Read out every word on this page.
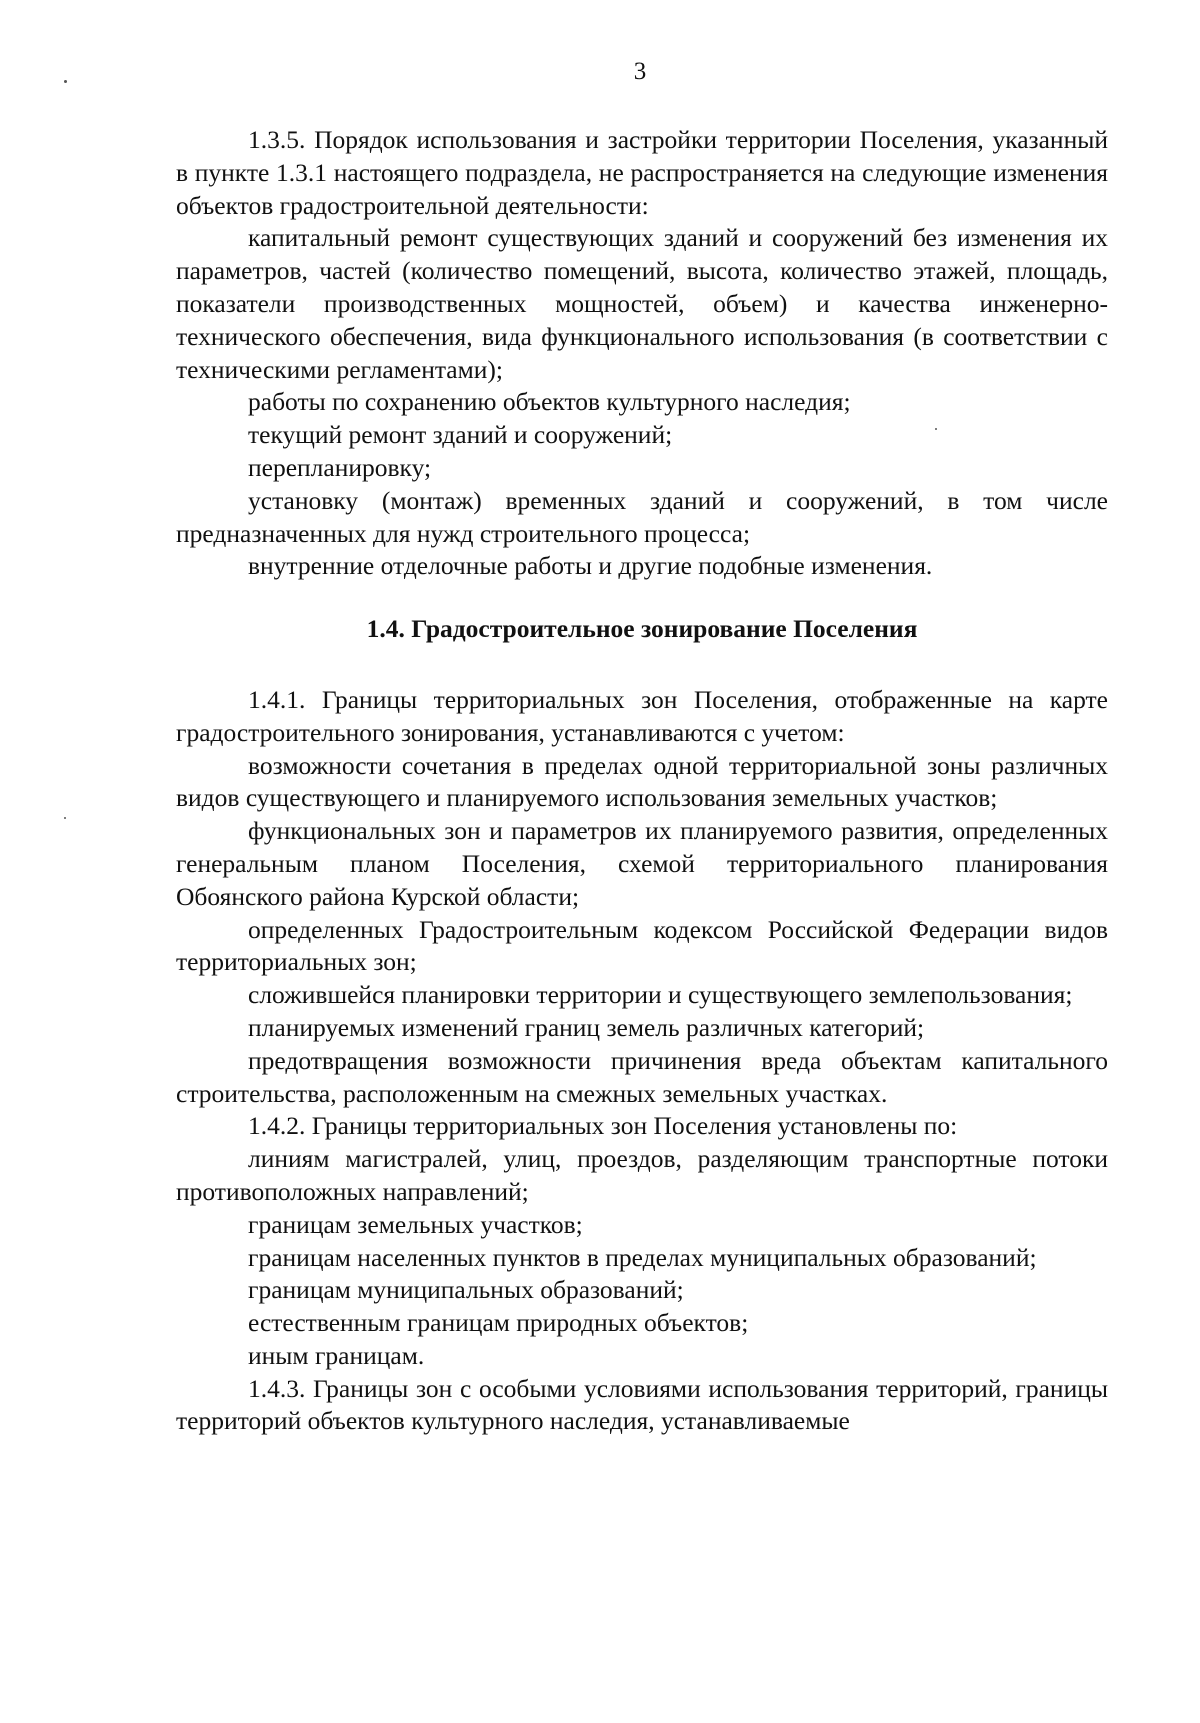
3

1.3.5. Порядок использования и застройки территории Поселения, указанный в пункте 1.3.1 настоящего подраздела, не распространяется на следующие изменения объектов градостроительной деятельности:

капитальный ремонт существующих зданий и сооружений без изменения их параметров, частей (количество помещений, высота, количество этажей, площадь, показатели производственных мощностей, объем) и качества инженерно-технического обеспечения, вида функционального использования (в соответствии с техническими регламентами);

работы по сохранению объектов культурного наследия;

текущий ремонт зданий и сооружений;

перепланировку;

установку (монтаж) временных зданий и сооружений, в том числе предназначенных для нужд строительного процесса;

внутренние отделочные работы и другие подобные изменения.

1.4. Градостроительное зонирование Поселения

1.4.1. Границы территориальных зон Поселения, отображенные на карте градостроительного зонирования, устанавливаются с учетом:

возможности сочетания в пределах одной территориальной зоны различных видов существующего и планируемого использования земельных участков;

функциональных зон и параметров их планируемого развития, определенных генеральным планом Поселения, схемой территориального планирования Обоянского района Курской области;

определенных Градостроительным кодексом Российской Федерации видов территориальных зон;

сложившейся планировки территории и существующего землепользования;

планируемых изменений границ земель различных категорий;

предотвращения возможности причинения вреда объектам капитального строительства, расположенным на смежных земельных участках.

1.4.2. Границы территориальных зон Поселения установлены по:

линиям магистралей, улиц, проездов, разделяющим транспортные потоки противоположных направлений;

границам земельных участков;

границам населенных пунктов в пределах муниципальных образований;

границам муниципальных образований;

естественным границам природных объектов;

иным границам.

1.4.3. Границы зон с особыми условиями использования территорий, границы территорий объектов культурного наследия, устанавливаемые
